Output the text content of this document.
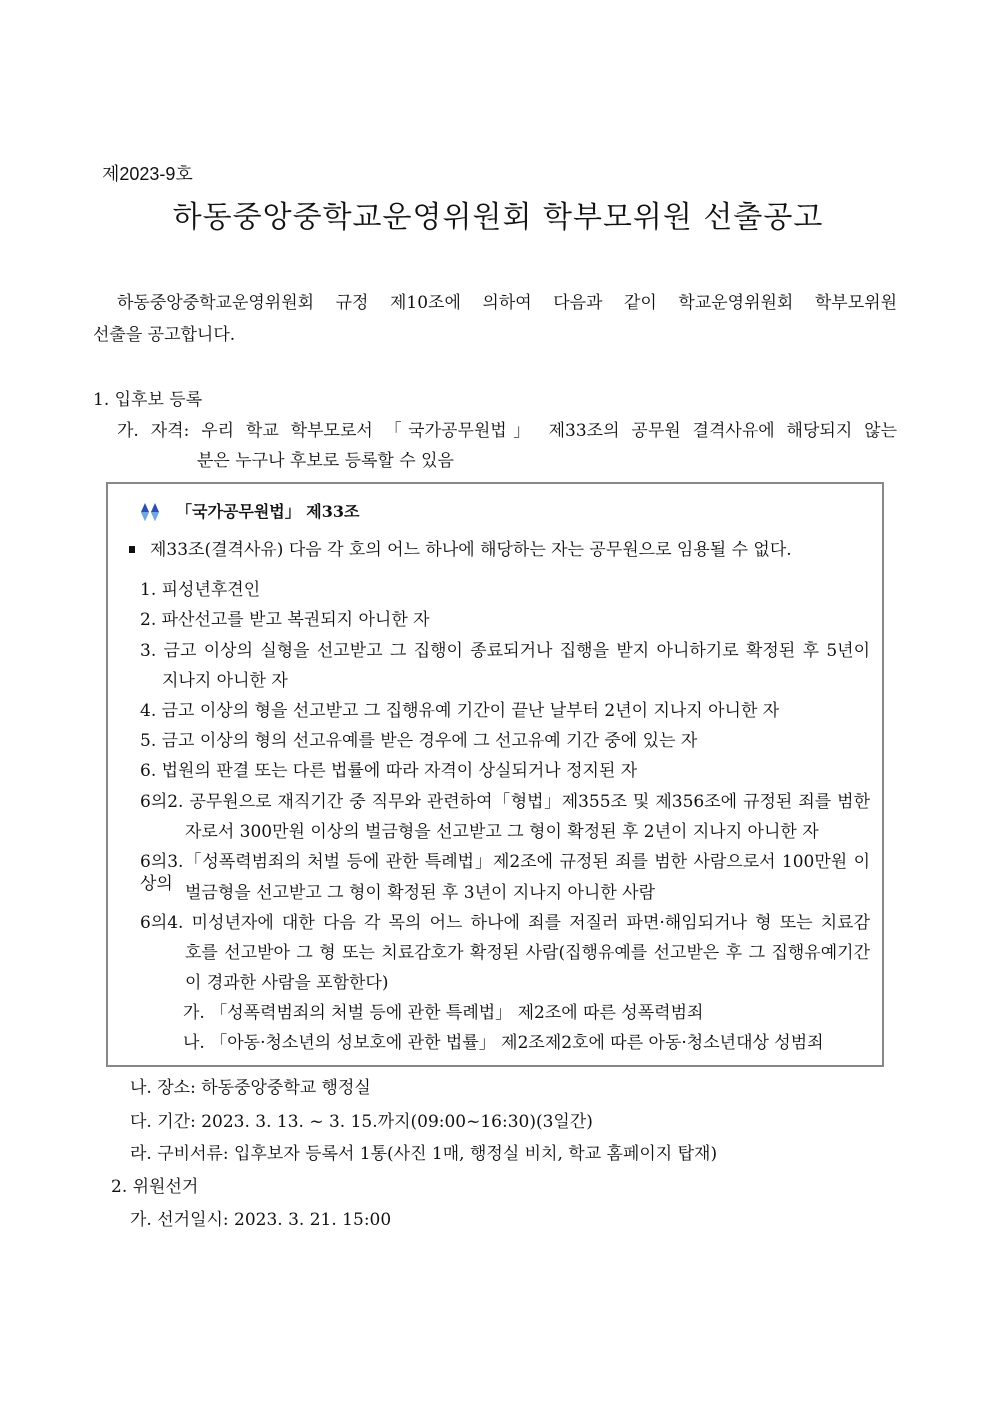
제2023-9호
하동중앙중학교운영위원회 학부모위원 선출공고
하동중앙중학교운영위원회 규정 제10조에 의하여 다음과 같이 학교운영위원회 학부모위원
선출을 공고합니다.
1. 입후보 등록
가. 자격: 우리 학교 학부모로서 「국가공무원법」 제33조의 공무원 결격사유에 해당되지 않는
분은 누구나 후보로 등록할 수 있음
「국가공무원법」 제33조
제33조(결격사유) 다음 각 호의 어느 하나에 해당하는 자는 공무원으로 임용될 수 없다.
1. 피성년후견인
2. 파산선고를 받고 복권되지 아니한 자
3. 금고 이상의 실형을 선고받고 그 집행이 종료되거나 집행을 받지 아니하기로 확정된 후 5년이
지나지 아니한 자
4. 금고 이상의 형을 선고받고 그 집행유예 기간이 끝난 날부터 2년이 지나지 아니한 자
5. 금고 이상의 형의 선고유예를 받은 경우에 그 선고유예 기간 중에 있는 자
6. 법원의 판결 또는 다른 법률에 따라 자격이 상실되거나 정지된 자
6의2. 공무원으로 재직기간 중 직무와 관련하여「형법」제355조 및 제356조에 규정된 죄를 범한
자로서 300만원 이상의 벌금형을 선고받고 그 형이 확정된 후 2년이 지나지 아니한 자
6의3.「성폭력범죄의 처벌 등에 관한 특례법」제2조에 규정된 죄를 범한 사람으로서 100만원 이상의 벌금형을 선고받고 그 형이 확정된 후 3년이 지나지 아니한 사람
6의4. 미성년자에 대한 다음 각 목의 어느 하나에 죄를 저질러 파면·해임되거나 형 또는 치료감
호를 선고받아 그 형 또는 치료감호가 확정된 사람(집행유예를 선고받은 후 그 집행유예기간
이 경과한 사람을 포함한다)
가. 「성폭력범죄의 처벌 등에 관한 특례법」 제2조에 따른 성폭력범죄
나. 「아동·청소년의 성보호에 관한 법률」 제2조제2호에 따른 아동·청소년대상 성범죄
나. 장소: 하동중앙중학교 행정실
다. 기간: 2023. 3. 13. ~ 3. 15.까지(09:00~16:30)(3일간)
라. 구비서류: 입후보자 등록서 1통(사진 1매, 행정실 비치, 학교 홈페이지 탑재)
2. 위원선거
가. 선거일시: 2023. 3. 21. 15:00
